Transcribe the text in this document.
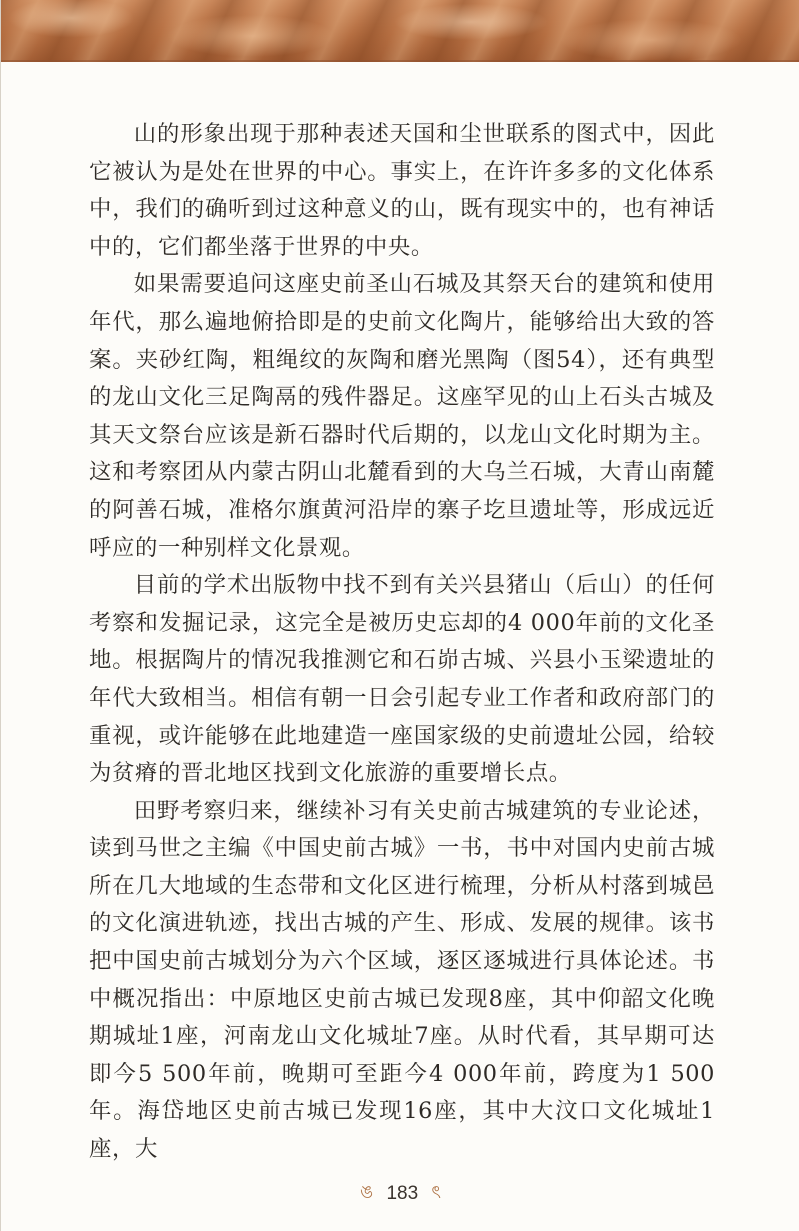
山的形象出现于那种表述天国和尘世联系的图式中，因此它被认为是处在世界的中心。事实上，在许许多多的文化体系中，我们的确听到过这种意义的山，既有现实中的，也有神话中的，它们都坐落于世界的中央。

如果需要追问这座史前圣山石城及其祭天台的建筑和使用年代，那么遍地俯拾即是的史前文化陶片，能够给出大致的答案。夹砂红陶，粗绳纹的灰陶和磨光黑陶（图54），还有典型的龙山文化三足陶鬲的残件器足。这座罕见的山上石头古城及其天文祭台应该是新石器时代后期的，以龙山文化时期为主。这和考察团从内蒙古阴山北麓看到的大乌兰石城，大青山南麓的阿善石城，准格尔旗黄河沿岸的寨子圪旦遗址等，形成远近呼应的一种别样文化景观。

目前的学术出版物中找不到有关兴县猪山（后山）的任何考察和发掘记录，这完全是被历史忘却的4 000年前的文化圣地。根据陶片的情况我推测它和石峁古城、兴县小玉梁遗址的年代大致相当。相信有朝一日会引起专业工作者和政府部门的重视，或许能够在此地建造一座国家级的史前遗址公园，给较为贫瘠的晋北地区找到文化旅游的重要增长点。

田野考察归来，继续补习有关史前古城建筑的专业论述，读到马世之主编《中国史前古城》一书，书中对国内史前古城所在几大地域的生态带和文化区进行梳理，分析从村落到城邑的文化演进轨迹，找出古城的产生、形成、发展的规律。该书把中国史前古城划分为六个区域，逐区逐城进行具体论述。书中概况指出：中原地区史前古城已发现8座，其中仰韶文化晚期城址1座，河南龙山文化城址7座。从时代看，其早期可达即今5 500年前，晚期可至距今4 000年前，跨度为1 500年。海岱地区史前古城已发现16座，其中大汶口文化城址1座，大

ঙ 183 ৎ
